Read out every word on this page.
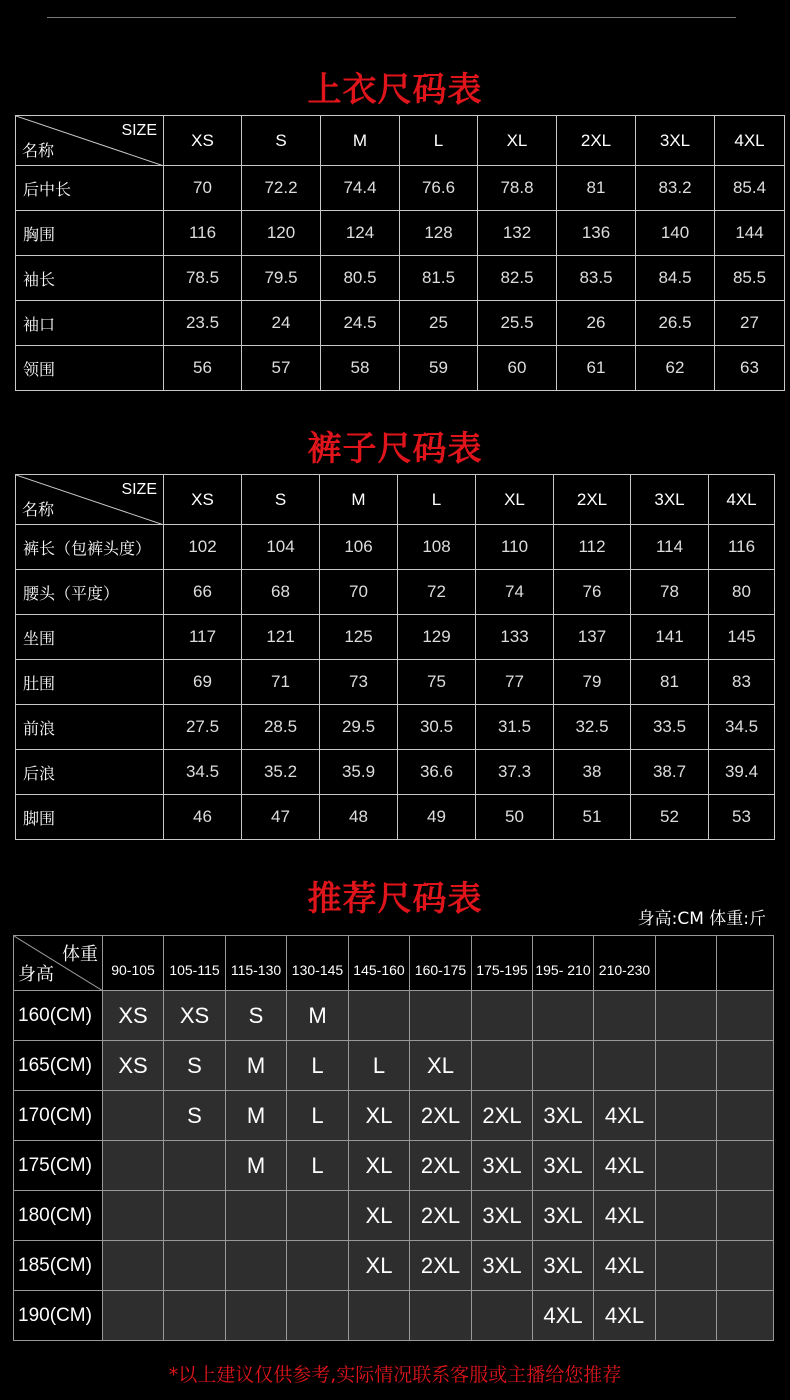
上衣尺码表
SIZE
名称	XS	S	M	L	XL	2XL	3XL	4XL
后中长	70	72.2	74.4	76.6	78.8	81	83.2	85.4
胸围	116	120	124	128	132	136	140	144
袖长	78.5	79.5	80.5	81.5	82.5	83.5	84.5	85.5
袖口	23.5	24	24.5	25	25.5	26	26.5	27
领围	56	57	58	59	60	61	62	63
裤子尺码表
SIZE
名称	XS	S	M	L	XL	2XL	3XL	4XL
裤长（包裤头度）	102	104	106	108	110	112	114	116
腰头（平度）	66	68	70	72	74	76	78	80
坐围	117	121	125	129	133	137	141	145
肚围	69	71	73	75	77	79	81	83
前浪	27.5	28.5	29.5	30.5	31.5	32.5	33.5	34.5
后浪	34.5	35.2	35.9	36.6	37.3	38	38.7	39.4
脚围	46	47	48	49	50	51	52	53
推荐尺码表	身高:CM 体重:斤
体重
身高	90-105	105-115	115-130	130-145	145-160	160-175	175-195	195- 210	210-230		
160(CM)	XS	XS	S	M							
165(CM)	XS	S	M	L	L	XL					
170(CM)		S	M	L	XL	2XL	2XL	3XL	4XL		
175(CM)			M	L	XL	2XL	3XL	3XL	4XL		
180(CM)					XL	2XL	3XL	3XL	4XL		
185(CM)					XL	2XL	3XL	3XL	4XL		
190(CM)								4XL	4XL		
*以上建议仅供参考,实际情况联系客服或主播给您推荐
